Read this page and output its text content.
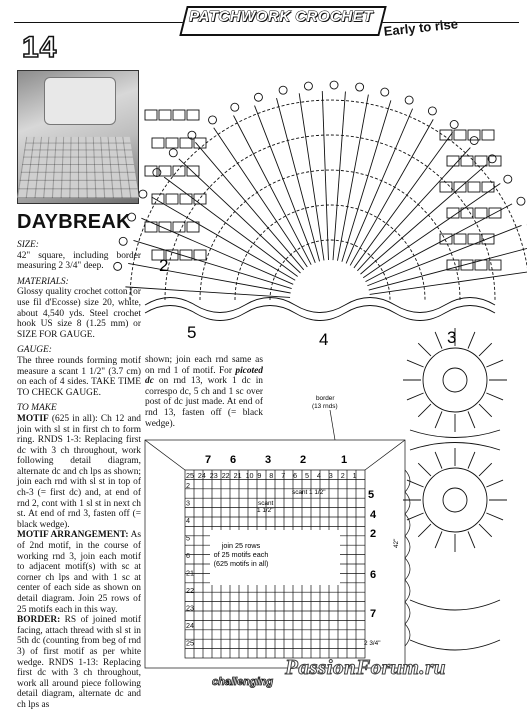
PATCHWORK CROCHET Early to rise
14
DAYBREAK
SIZE:

42" square, including border measuring 2 3/4" deep.

MATERIALS:

Glossy quality crochet cotton (or use fil d'Ecosse) size 20, white, about 4,540 yds. Steel crochet hook US size 8 (1.25 mm) or SIZE FOR GAUGE.

GAUGE:

The three rounds forming motif measure a scant 1 1/2" (3.7 cm) on each of 4 sides. TAKE TIME TO CHECK GAUGE.

TO MAKE

MOTIF (625 in all): Ch 12 and join with sl st in first ch to form ring. RNDS 1-3: Replacing first dc with 3 ch throughout, work following detail diagram, alternate dc and ch lps as shown; join each rnd with sl st in top of ch-3 (= first dc) and, at end of rnd 2, cont with 1 sl st in next ch st. At end of rnd 3, fasten off (= black wedge).

MOTIF ARRANGEMENT: As of 2nd motif, in the course of working rnd 3, join each motif to adjacent motif(s) with sc at corner ch lps and with 1 sc at center of each side as shown on detail diagram. Join 25 rows of 25 motifs each in this way.

BORDER: RS of joined motif facing, attach thread with sl st in 5th dc (counting from beg of rnd 3) of first motif as per white wedge. RNDS 1-13: Replacing first dc with 3 ch throughout, work all around piece following detail diagram, alternate dc and ch lps as

shown; join each rnd same as on rnd 1 of motif. For picoted dc on rnd 13, work 1 dc in correspo dc, 5 ch and 1 sc over post of dc just made. At end of rnd 13, fasten off (= black wedge).

25 24 23 22 21 10 9 8 7 6 5 4 3 2 1
2
3
4
5
6
21
22
23
24
25
2
5	4	3
border
(13 rnds)
7 6	3	2	1
5
4
2
6
7
scant 1 1/2"
scant
1 1/2"
join 25 rows
of 25 motifs each
(625 motifs in all)
42"
2 3/4"
challenging
PassionForum.ru
